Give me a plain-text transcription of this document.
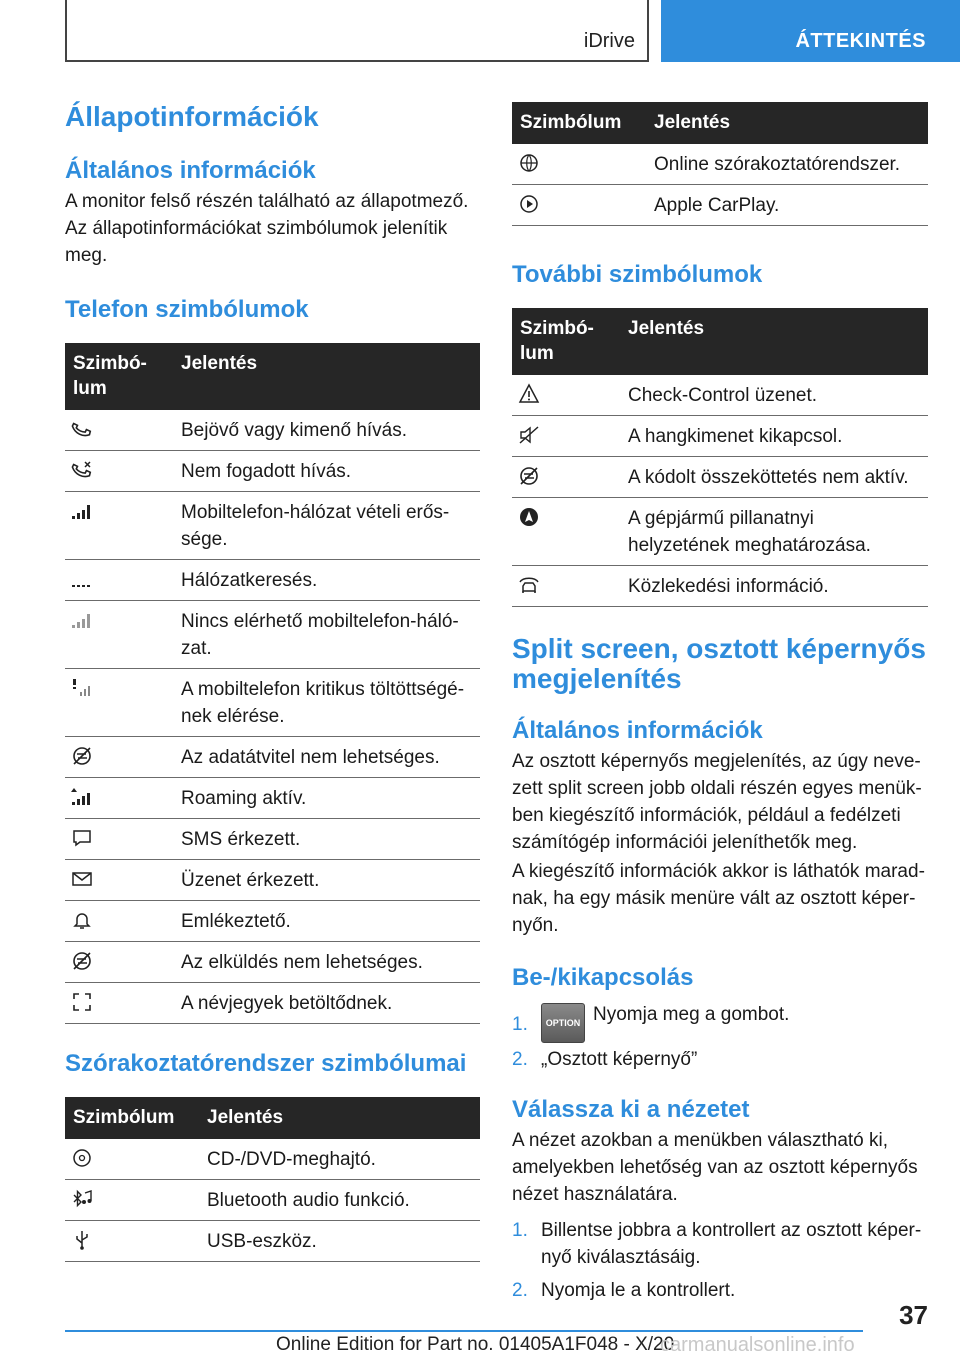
iDrive	ÁTTEKINTÉS
Állapotinformációk
Általános információk

A monitor felső részén található az állapotmező. Az állapotinformációkat szimbólumok jelenítik meg.

Telefon szimbólumok
Szimbó-lum	Jelentés

	Bejövő vagy kimenő hívás.

	Nem fogadott hívás.

	Mobiltelefon-hálózat vételi erős-sége.

	Hálózatkeresés.

	Nincs elérhető mobiltelefon-háló-zat.

	A mobiltelefon kritikus töltöttségé-nek elérése.

	Az adatátvitel nem lehetséges.

	Roaming aktív.

	SMS érkezett.

	Üzenet érkezett.

	Emlékeztető.

	Az elküldés nem lehetséges.

	A névjegyek betöltődnek.
Szórakoztatórendszer szimbólumai
Szimbólum	Jelentés

	CD-/DVD-meghajtó.

	Bluetooth audio funkció.

	USB-eszköz.
Szimbólum	Jelentés

	Online szórakoztatórendszer.

	Apple CarPlay.
További szimbólumok
Szimbó-lum	Jelentés

	Check-Control üzenet.

	A hangkimenet kikapcsol.

	A kódolt összeköttetés nem aktív.

	A gépjármű pillanatnyi helyzetének meghatározása.

	Közlekedési információ.
Split screen, osztott képernyős megjelenítés
Általános információk

Az osztott képernyős megjelenítés, az úgy neve-zett split screen jobb oldali részén egyes menük-ben kiegészítő információk, például a fedélzeti számítógép információi jeleníthetők meg.

A kiegészítő információk akkor is láthatók marad-nak, ha egy másik menüre vált az osztott képer-nyőn.

Be-/kikapcsolás
1. OPTION Nyomja meg a gombot.
2. „Osztott képernyő”
Válassza ki a nézetet

A nézet azokban a menükben választható ki, amelyekben lehetőség van az osztott képernyős nézet használatára.

1. Billentse jobbra a kontrollert az osztott képer-nyő kiválasztásáig.
2. Nyomja le a kontrollert.
37
Online Edition for Part no. 01405A1F048 - X/20
carmanualsonline.info
